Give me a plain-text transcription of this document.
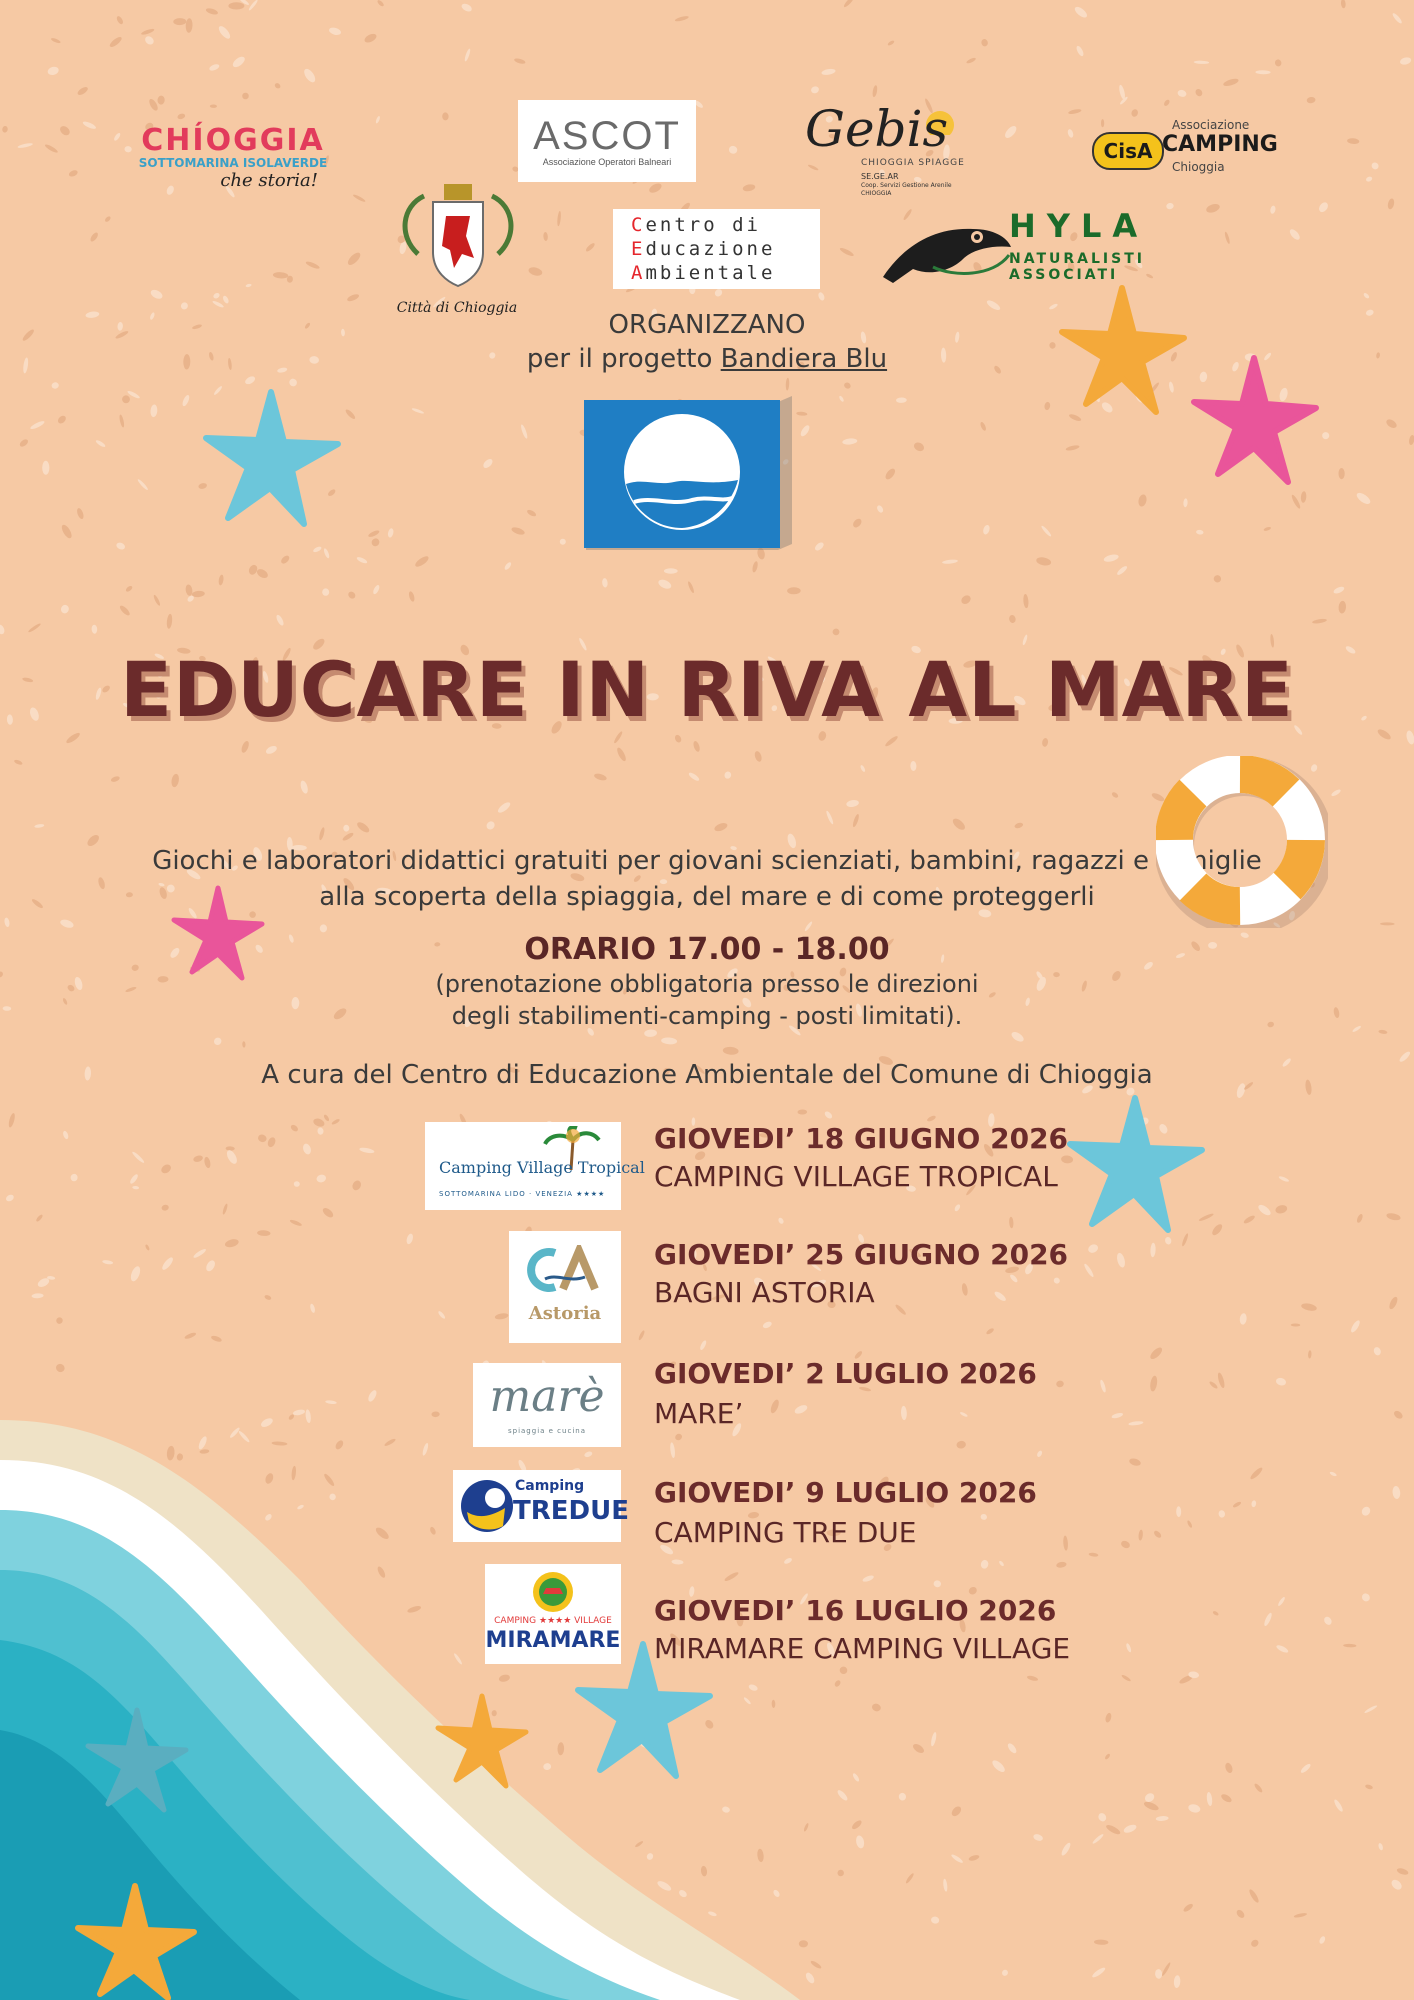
CHÍOGGIA
SOTTOMARINA ISOLAVERDE
che storia!
ASCOT
Associazione Operatori Balneari
Gebis
CHIOGGIA SPIAGGE
SE.GE.AR
Coop. Servizi Gestione Arenile
CHIOGGIA
Associazione
CisA CAMPING
Chioggia
Città di Chioggia
Centro di
Educazione
Ambientale
HYLA
NATURALISTI
ASSOCIATI
ORGANIZZANO
per il progetto Bandiera Blu
EDUCARE IN RIVA AL MARE
Giochi e laboratori didattici gratuiti per giovani scienziati, bambini, ragazzi e famiglie
alla scoperta della spiaggia, del mare e di come proteggerli
ORARIO 17.00 - 18.00
(prenotazione obbligatoria presso le direzioni
degli stabilimenti-camping - posti limitati).
A cura del Centro di Educazione Ambientale del Comune di Chioggia
Camping Village Tropical
SOTTOMARINA LIDO · VENEZIA ★★★★
GIOVEDI’ 18 GIUGNO 2026
CAMPING VILLAGE TROPICAL
Astoria
GIOVEDI’ 25 GIUGNO 2026
BAGNI ASTORIA
marè
spiaggia e cucina
GIOVEDI’ 2 LUGLIO 2026
MARE’
Camping
TREDUE
GIOVEDI’ 9 LUGLIO 2026
CAMPING TRE DUE
CAMPING ★★★★ VILLAGE
MIRAMARE
GIOVEDI’ 16 LUGLIO 2026
MIRAMARE CAMPING VILLAGE
